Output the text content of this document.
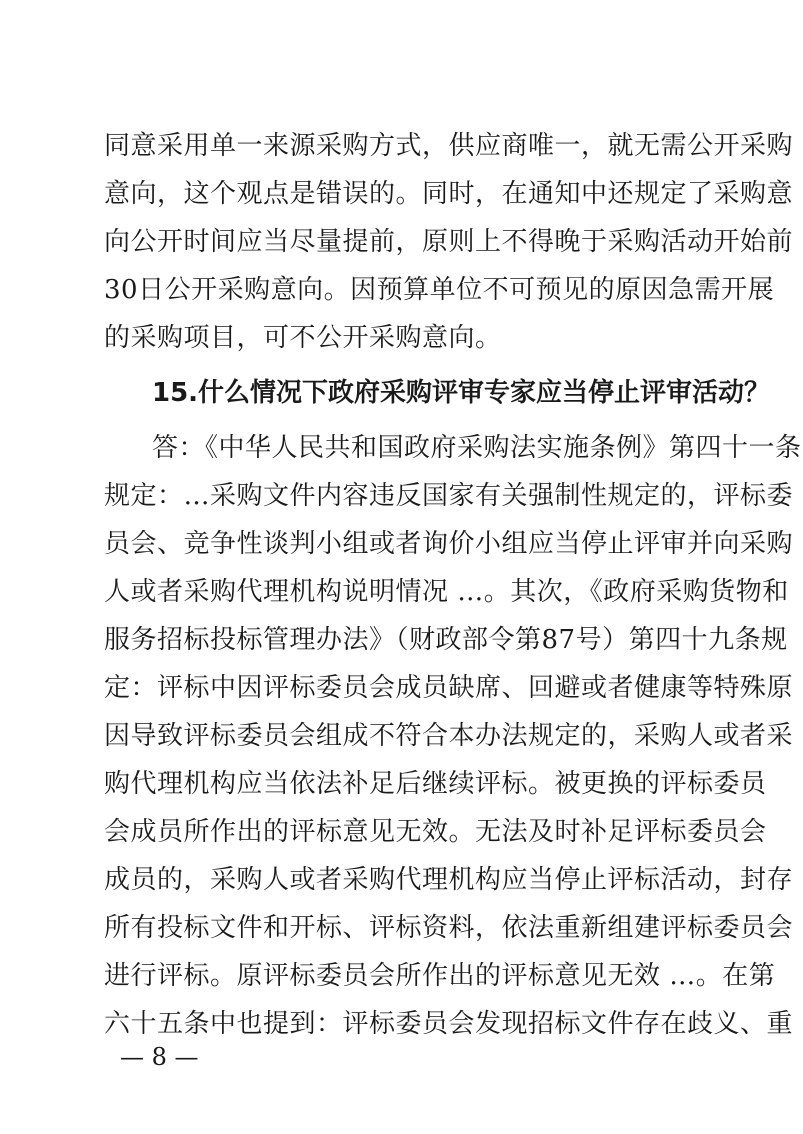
同意采用单一来源采购方式，供应商唯一，就无需公开采购
意向，这个观点是错误的。同时，在通知中还规定了采购意
向公开时间应当尽量提前，原则上不得晚于采购活动开始前
30日公开采购意向。因预算单位不可预见的原因急需开展
的采购项目，可不公开采购意向。
15.什么情况下政府采购评审专家应当停止评审活动？
答：《中华人民共和国政府采购法实施条例》第四十一条
规定：…采购文件内容违反国家有关强制性规定的，评标委
员会、竞争性谈判小组或者询价小组应当停止评审并向采购
人或者采购代理机构说明情况 …。其次，《政府采购货物和
服务招标投标管理办法》（财政部令第87号）第四十九条规
定：评标中因评标委员会成员缺席、回避或者健康等特殊原
因导致评标委员会组成不符合本办法规定的，采购人或者采
购代理机构应当依法补足后继续评标。被更换的评标委员
会成员所作出的评标意见无效。无法及时补足评标委员会
成员的，采购人或者采购代理机构应当停止评标活动，封存
所有投标文件和开标、评标资料，依法重新组建评标委员会
进行评标。原评标委员会所作出的评标意见无效 …。在第
六十五条中也提到：评标委员会发现招标文件存在歧义、重
— 8 —
